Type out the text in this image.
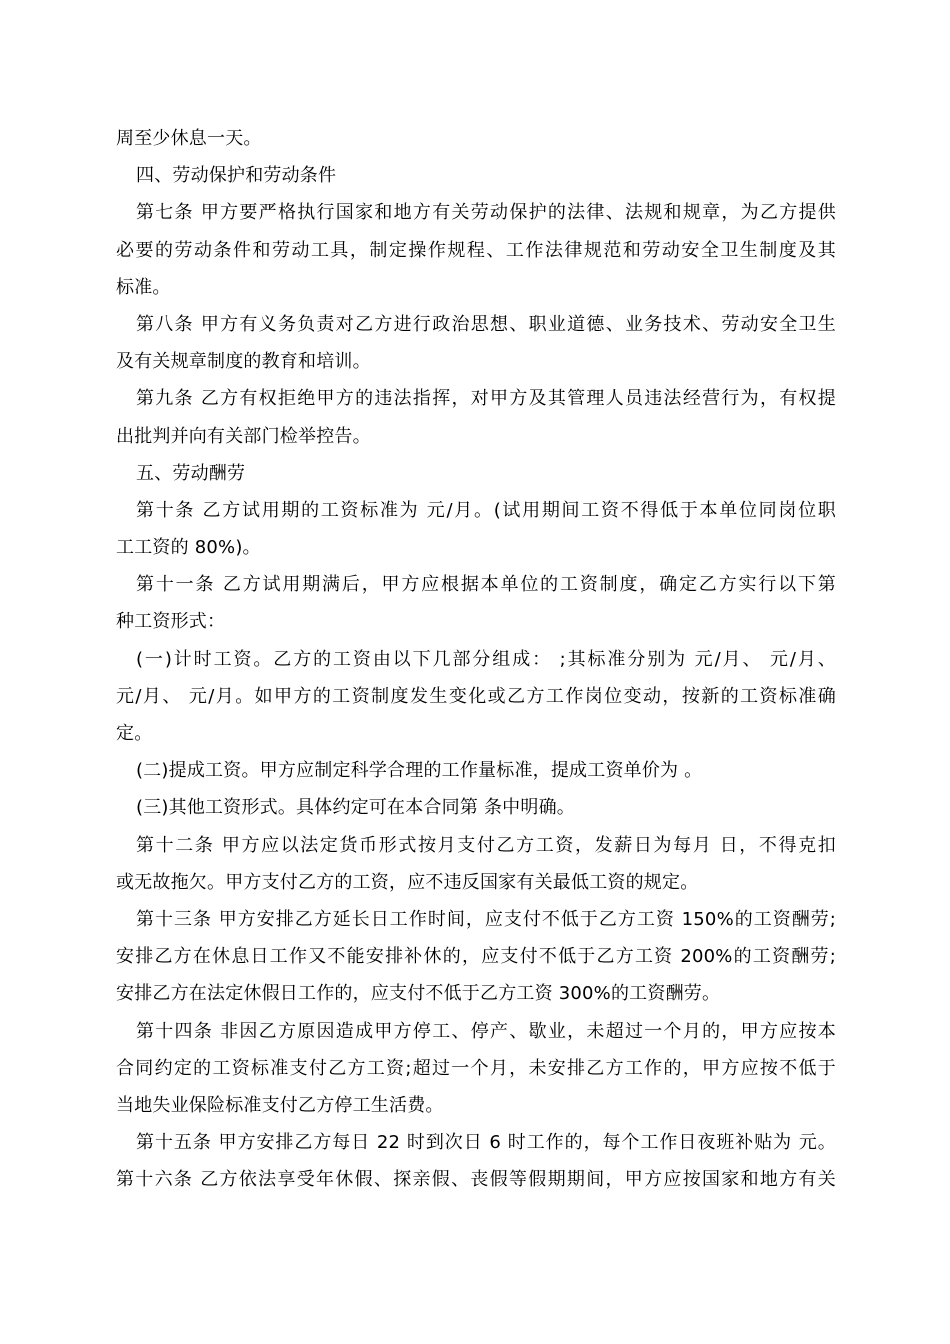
周至少休息一天。
四、劳动保护和劳动条件
第七条 甲方要严格执行国家和地方有关劳动保护的法律、法规和规章，为乙方提供
必要的劳动条件和劳动工具，制定操作规程、工作法律规范和劳动安全卫生制度及其
标准。
第八条 甲方有义务负责对乙方进行政治思想、职业道德、业务技术、劳动安全卫生
及有关规章制度的教育和培训。
第九条 乙方有权拒绝甲方的违法指挥，对甲方及其管理人员违法经营行为，有权提
出批判并向有关部门检举控告。
五、劳动酬劳
第十条 乙方试用期的工资标准为 元/月。(试用期间工资不得低于本单位同岗位职
工工资的 80%)。
第十一条 乙方试用期满后，甲方应根据本单位的工资制度，确定乙方实行以下第
种工资形式：
(一)计时工资。乙方的工资由以下几部分组成： ;其标准分别为 元/月、 元/月、
元/月、 元/月。如甲方的工资制度发生变化或乙方工作岗位变动，按新的工资标准确
定。
(二)提成工资。甲方应制定科学合理的工作量标准，提成工资单价为 。
(三)其他工资形式。具体约定可在本合同第 条中明确。
第十二条 甲方应以法定货币形式按月支付乙方工资，发薪日为每月 日，不得克扣
或无故拖欠。甲方支付乙方的工资，应不违反国家有关最低工资的规定。
第十三条 甲方安排乙方延长日工作时间，应支付不低于乙方工资 150%的工资酬劳;
安排乙方在休息日工作又不能安排补休的，应支付不低于乙方工资 200%的工资酬劳;
安排乙方在法定休假日工作的，应支付不低于乙方工资 300%的工资酬劳。
第十四条 非因乙方原因造成甲方停工、停产、歇业，未超过一个月的，甲方应按本
合同约定的工资标准支付乙方工资;超过一个月，未安排乙方工作的，甲方应按不低于
当地失业保险标准支付乙方停工生活费。
第十五条 甲方安排乙方每日 22 时到次日 6 时工作的，每个工作日夜班补贴为 元。
第十六条 乙方依法享受年休假、探亲假、丧假等假期期间，甲方应按国家和地方有关
